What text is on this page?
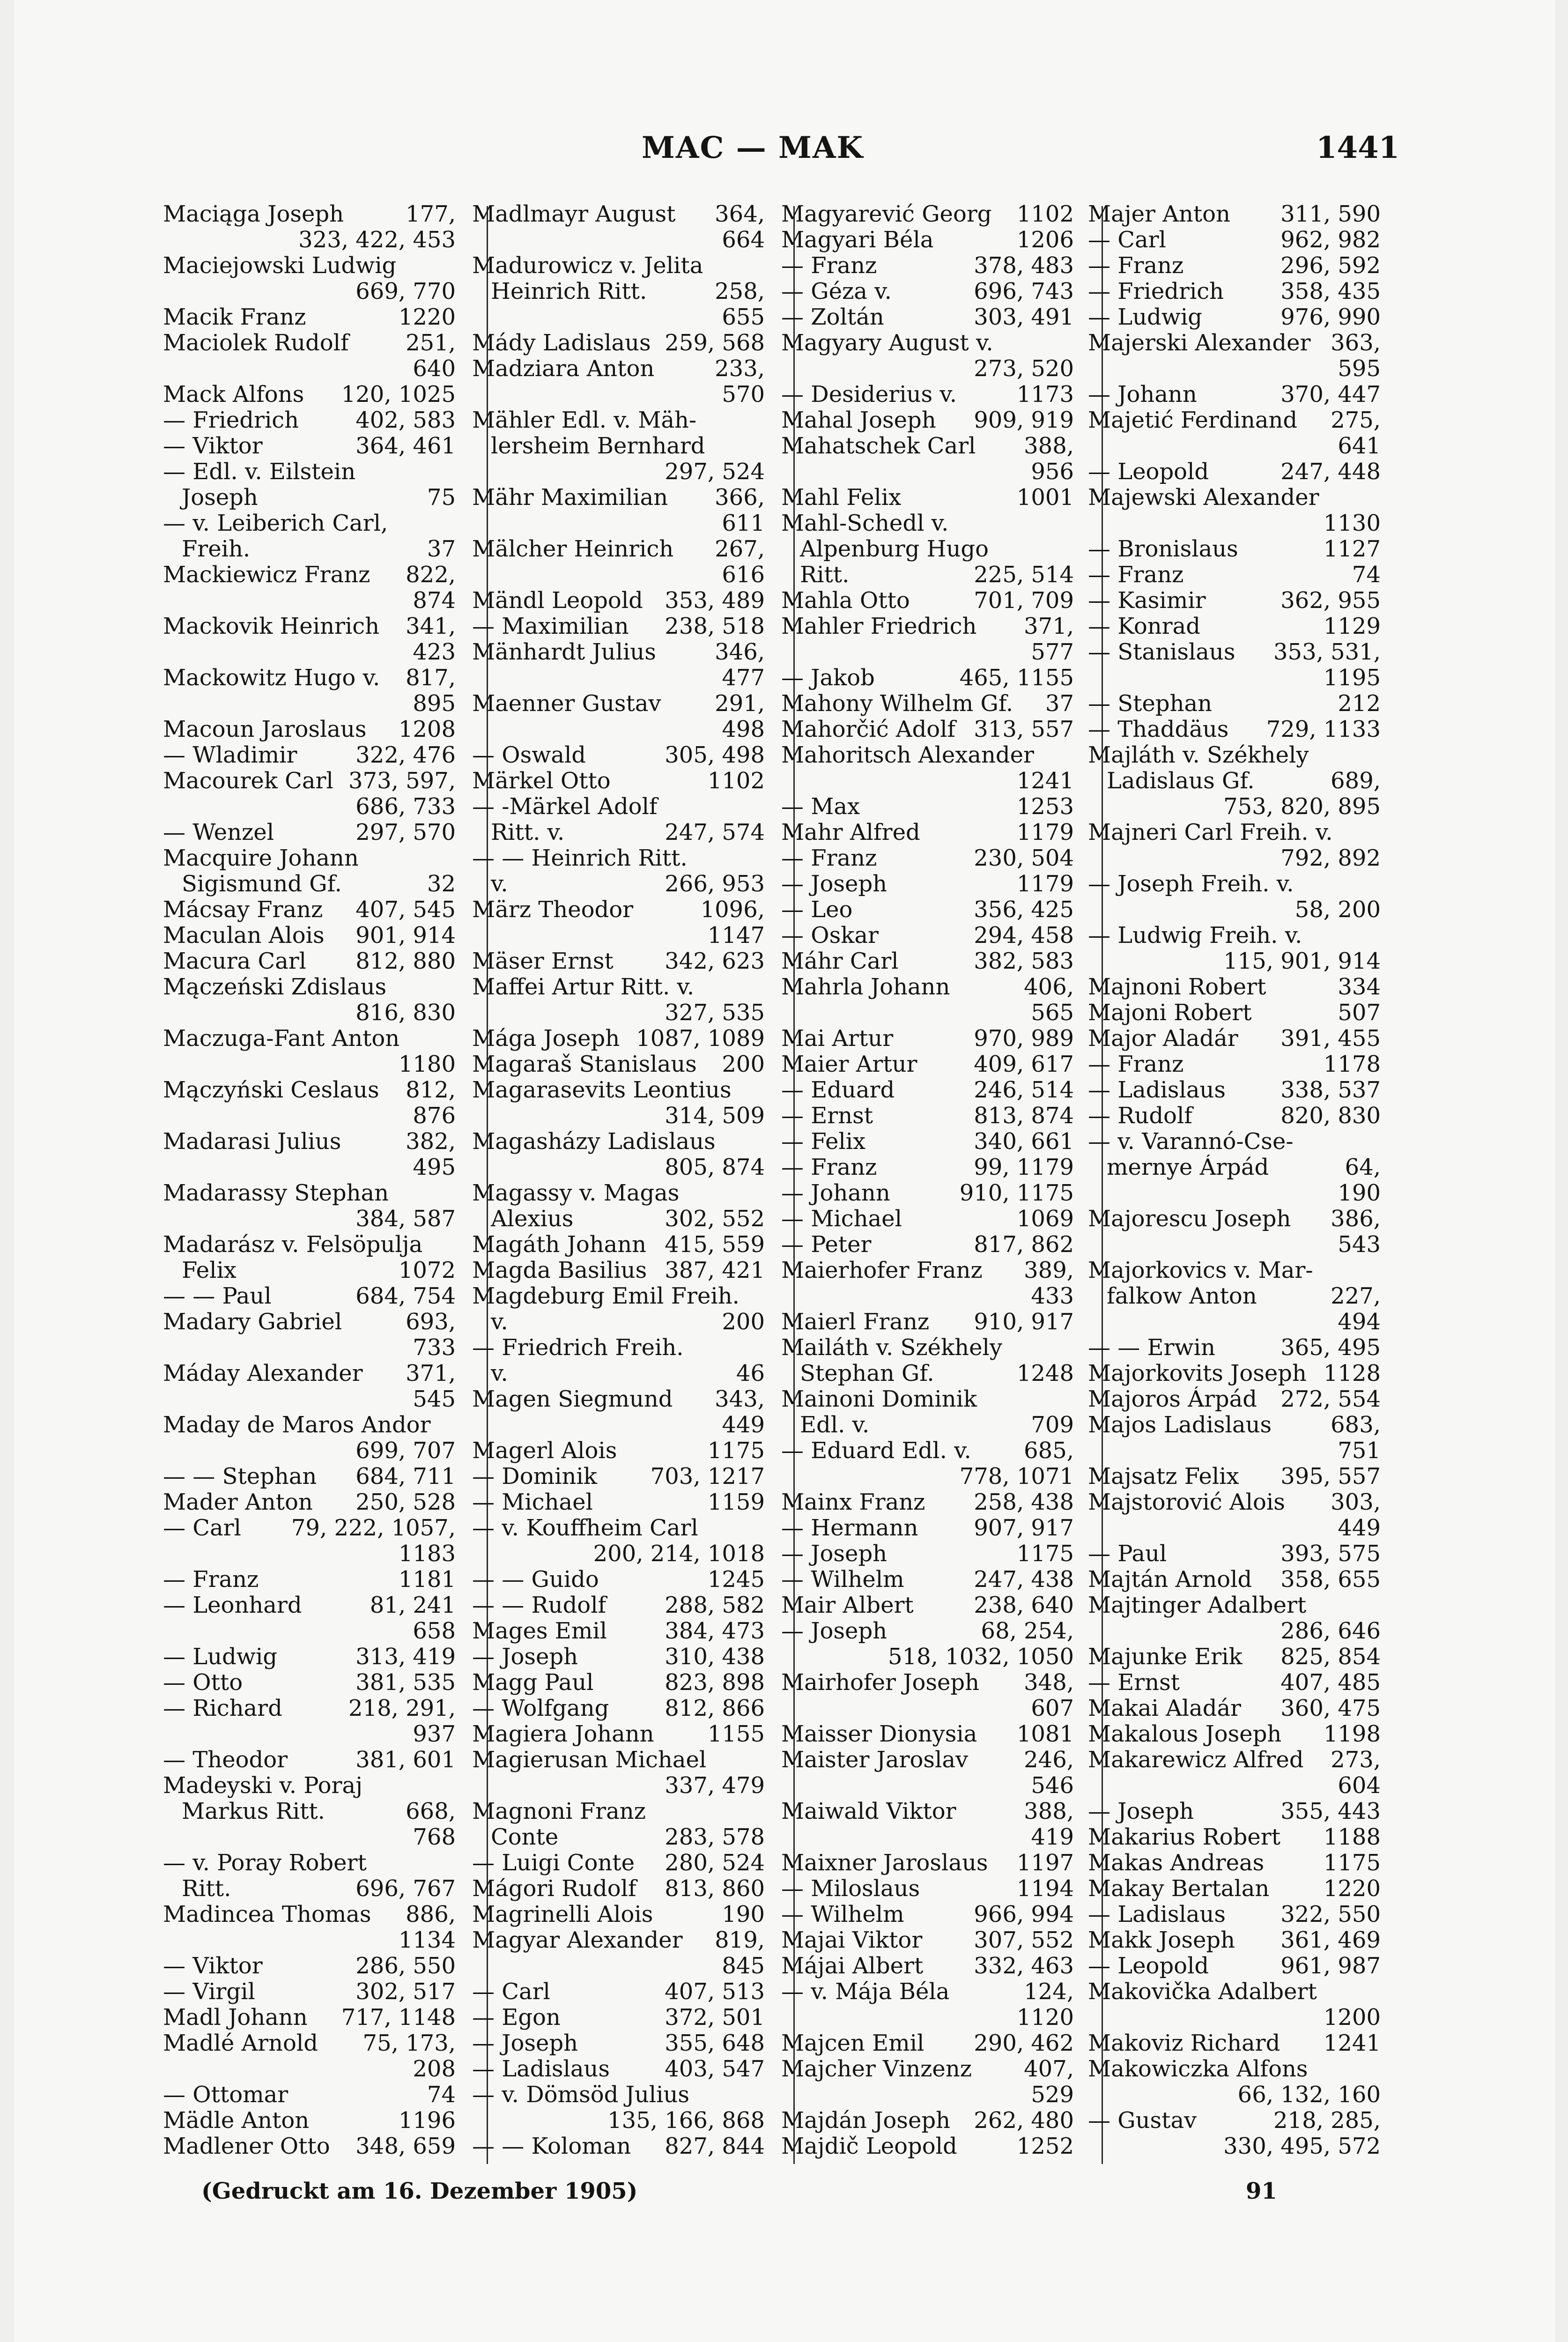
MAC — MAK	1441
Maciąga Joseph	177,
323, 422, 453
Maciejowski Ludwig
669, 770
Macik Franz	1220
Maciolek Rudolf	251,
640
Mack Alfons 120, 1025
— Friedrich	402, 583
— Viktor	364, 461
— Edl. v. Eilstein
Joseph	75
— v. Leiberich Carl,
Freih.	37
Mackiewicz Franz 822,
874
Mackovik Heinrich 341,
423
Mackowitz Hugo v. 817,
895
Macoun Jaroslaus 1208
— Wladimir	322, 476
Macourek Carl 373, 597,
686, 733
— Wenzel	297, 570
Macquire Johann
Sigismund Gf.	32
Mácsay Franz 407, 545
Maculan Alois 901, 914
Macura Carl 812, 880
Mączeński Zdislaus
816, 830
Maczuga-Fant Anton
1180
Mączyński Ceslaus 812,
876
Madarasi Julius	382,
495
Madarassy Stephan
384, 587
Madarász v. Felsöpulja
Felix	1072
— — Paul	684, 754
Madary Gabriel	693,
733
Máday Alexander 371,
545
Maday de Maros Andor
699, 707
— — Stephan 684, 711
Mader Anton 250, 528
— Carl 79, 222, 1057,
1183
— Franz	1181
— Leonhard	81, 241
658
— Ludwig	313, 419
— Otto	381, 535
— Richard	218, 291,
937
— Theodor	381, 601
Madeyski v. Poraj
Markus Ritt.	668,
768
— v. Poray Robert
Ritt.	696, 767
Madincea Thomas 886,
1134
— Viktor	286, 550
— Virgil	302, 517
Madl Johann 717, 1148
Madlé Arnold 75, 173,
208
— Ottomar	74
Mädle Anton	1196
Madlener Otto 348, 659
Madlmayr August 364,
664
Madurowicz v. Jelita
Heinrich Ritt.	258,
655
Mády Ladislaus 259, 568
Madziara Anton	233,
570
Mähler Edl. v. Mäh-
lersheim Bernhard
297, 524
Mähr Maximilian 366,
611
Mälcher Heinrich 267,
616
Mändl Leopold 353, 489
— Maximilian 238, 518
Mänhardt Julius	346,
477
Maenner Gustav 291,
498
— Oswald	305, 498
Märkel Otto	1102
— -Märkel Adolf
Ritt. v.	247, 574
— — Heinrich Ritt.
v.	266, 953
März Theodor	1096,
1147
Mäser Ernst 342, 623
Maffei Artur Ritt. v.
327, 535
Mága Joseph 1087, 1089
Magaraš Stanislaus 200
Magarasevits Leontius
314, 509
Magasházy Ladislaus
805, 874
Magassy v. Magas
Alexius	302, 552
Magáth Johann 415, 559
Magda Basilius 387, 421
Magdeburg Emil Freih.
v.	200
— Friedrich Freih.
v.	46
Magen Siegmund 343,
449
Magerl Alois	1175
— Dominik 703, 1217
— Michael	1159
— v. Kouffheim Carl
200, 214, 1018
— — Guido	1245
— — Rudolf	288, 582
Mages Emil	384, 473
— Joseph	310, 438
Magg Paul	823, 898
— Wolfgang 812, 866
Magiera Johann 1155
Magierusan Michael
337, 479
Magnoni Franz
Conte	283, 578
— Luigi Conte 280, 524
Mágori Rudolf 813, 860
Magrinelli Alois	190
Magyar Alexander 819,
845
— Carl	407, 513
— Egon	372, 501
— Joseph	355, 648
— Ladislaus 403, 547
— v. Dömsöd Julius
135, 166, 868
— — Koloman 827, 844
Magyarević Georg 1102
Magyari Béla	1206
— Franz	378, 483
— Géza v.	696, 743
— Zoltán	303, 491
Magyary August v.
273, 520
— Desiderius v.	1173
Mahal Joseph 909, 919
Mahatschek Carl 388,
956
Mahl Felix	1001
Mahl-Schedl v.
Alpenburg Hugo
Ritt.	225, 514
Mahla Otto	701, 709
Mahler Friedrich 371,
577
— Jakob	465, 1155
Mahony Wilhelm Gf. 37
Mahorčić Adolf 313, 557
Mahoritsch Alexander
1241
— Max	1253
Mahr Alfred	1179
— Franz	230, 504
— Joseph	1179
— Leo	356, 425
— Oskar	294, 458
Máhr Carl	382, 583
Mahrla Johann	406,
565
Mai Artur	970, 989
Maier Artur	409, 617
— Eduard	246, 514
— Ernst	813, 874
— Felix	340, 661
— Franz	99, 1179
— Johann	910, 1175
— Michael	1069
— Peter	817, 862
Maierhofer Franz 389,
433
Maierl Franz 910, 917
Mailáth v. Székhely
Stephan Gf.	1248
Mainoni Dominik
Edl. v.	709
— Eduard Edl. v. 685,
778, 1071
Mainx Franz 258, 438
— Hermann 907, 917
— Joseph	1175
— Wilhelm	247, 438
Mair Albert	238, 640
— Joseph	68, 254,
518, 1032, 1050
Mairhofer Joseph 348,
607
Maisser Dionysia 1081
Maister Jaroslav 246,
546
Maiwald Viktor	388,
419
Maixner Jaroslaus 1197
— Miloslaus	1194
— Wilhelm	966, 994
Majai Viktor 307, 552
Májai Albert 332, 463
— v. Mája Béla	124,
1120
Majcen Emil 290, 462
Majcher Vinzenz 407,
529
Majdán Joseph 262, 480
Majdič Leopold	1252
Majer Anton 311, 590
— Carl	962, 982
— Franz	296, 592
— Friedrich	358, 435
— Ludwig	976, 990
Majerski Alexander 363,
595
— Johann	370, 447
Majetić Ferdinand 275,
641
— Leopold	247, 448
Majewski Alexander
1130
— Bronislaus	1127
— Franz	74
— Kasimir	362, 955
— Konrad	1129
— Stanislaus 353, 531,
1195
— Stephan	212
— Thaddäus 729, 1133
Majláth v. Székhely
Ladislaus Gf.	689,
753, 820, 895
Majneri Carl Freih. v.
792, 892
— Joseph Freih. v.
58, 200
— Ludwig Freih. v.
115, 901, 914
Majnoni Robert	334
Majoni Robert	507
Major Aladár 391, 455
— Franz	1178
— Ladislaus 338, 537
— Rudolf	820, 830
— v. Varannó-Cse-
mernye Árpád	64,
190
Majorescu Joseph 386,
543
Majorkovics v. Mar-
falkow Anton	227,
494
— — Erwin	365, 495
Majorkovits Joseph 1128
Majoros Árpád 272, 554
Majos Ladislaus	683,
751
Majsatz Felix 395, 557
Majstorović Alois 303,
449
— Paul	393, 575
Majtán Arnold 358, 655
Majtinger Adalbert
286, 646
Majunke Erik 825, 854
— Ernst	407, 485
Makai Aladár 360, 475
Makalous Joseph 1198
Makarewicz Alfred 273,
604
— Joseph	355, 443
Makarius Robert 1188
Makas Andreas	1175
Makay Bertalan 1220
— Ladislaus 322, 550
Makk Joseph 361, 469
— Leopold	961, 987
Makovička Adalbert
1200
Makoviz Richard 1241
Makowiczka Alfons
66, 132, 160
— Gustav	218, 285,
330, 495, 572
(Gedruckt am 16. Dezember 1905)	91
